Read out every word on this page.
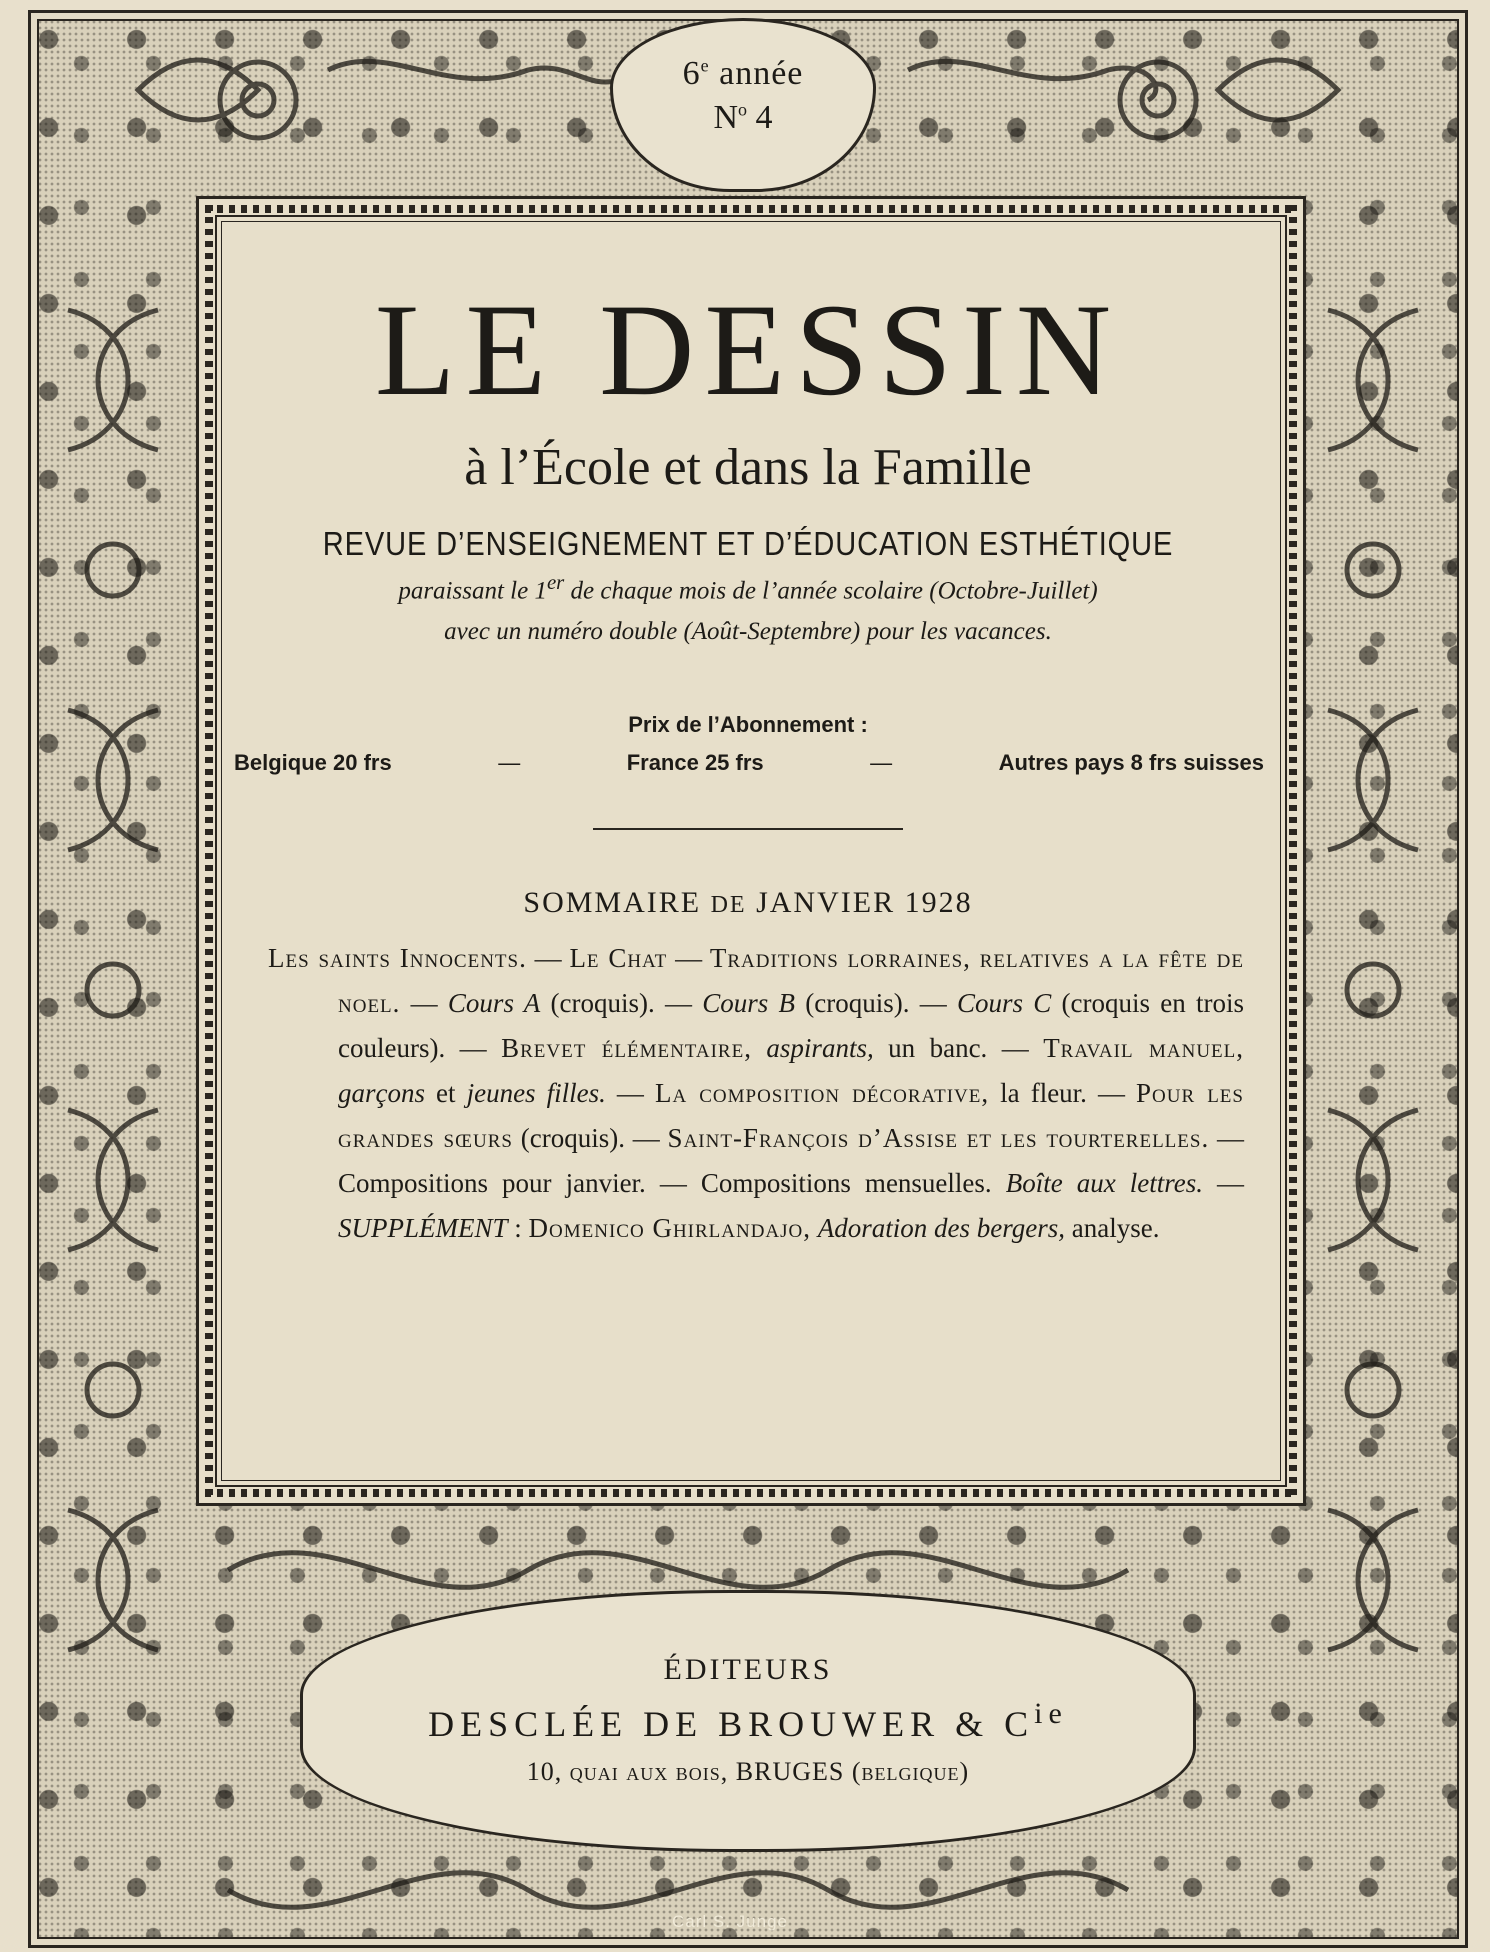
6e année
$N^o$ 4
LE DESSIN
à l’École et dans la Famille
REVUE D’ENSEIGNEMENT ET D’ÉDUCATION ESTHÉTIQUE
paraissant le 1er de chaque mois de l’année scolaire (Octobre-Juillet)
avec un numéro double (Août-Septembre) pour les vacances.
Prix de l’Abonnement :
Belgique 20 frs	—	France 25 frs	—	Autres pays 8 frs suisses
SOMMAIRE DE JANVIER 1928
Les saints Innocents. — Le Chat — Traditions lorraines, relatives a la fête de noel. — Cours A (croquis). — Cours B (croquis). — Cours C (croquis en trois couleurs). — Brevet élémentaire, aspirants, un banc. — Travail manuel, garçons et jeunes filles. — La composition décorative, la fleur. — Pour les grandes sœurs (croquis). — Saint-François d’Assise et les tourterelles. — Compositions pour janvier. — Compositions mensuelles. Boîte aux lettres. — SUPPLÉMENT : Domenico Ghirlandajo, Adoration des bergers, analyse.
ÉDITEURS
DESCLÉE DE BROUWER & $C^{ie}$
10, quai aux bois, BRUGES (belgique)
Carl S. Junge
